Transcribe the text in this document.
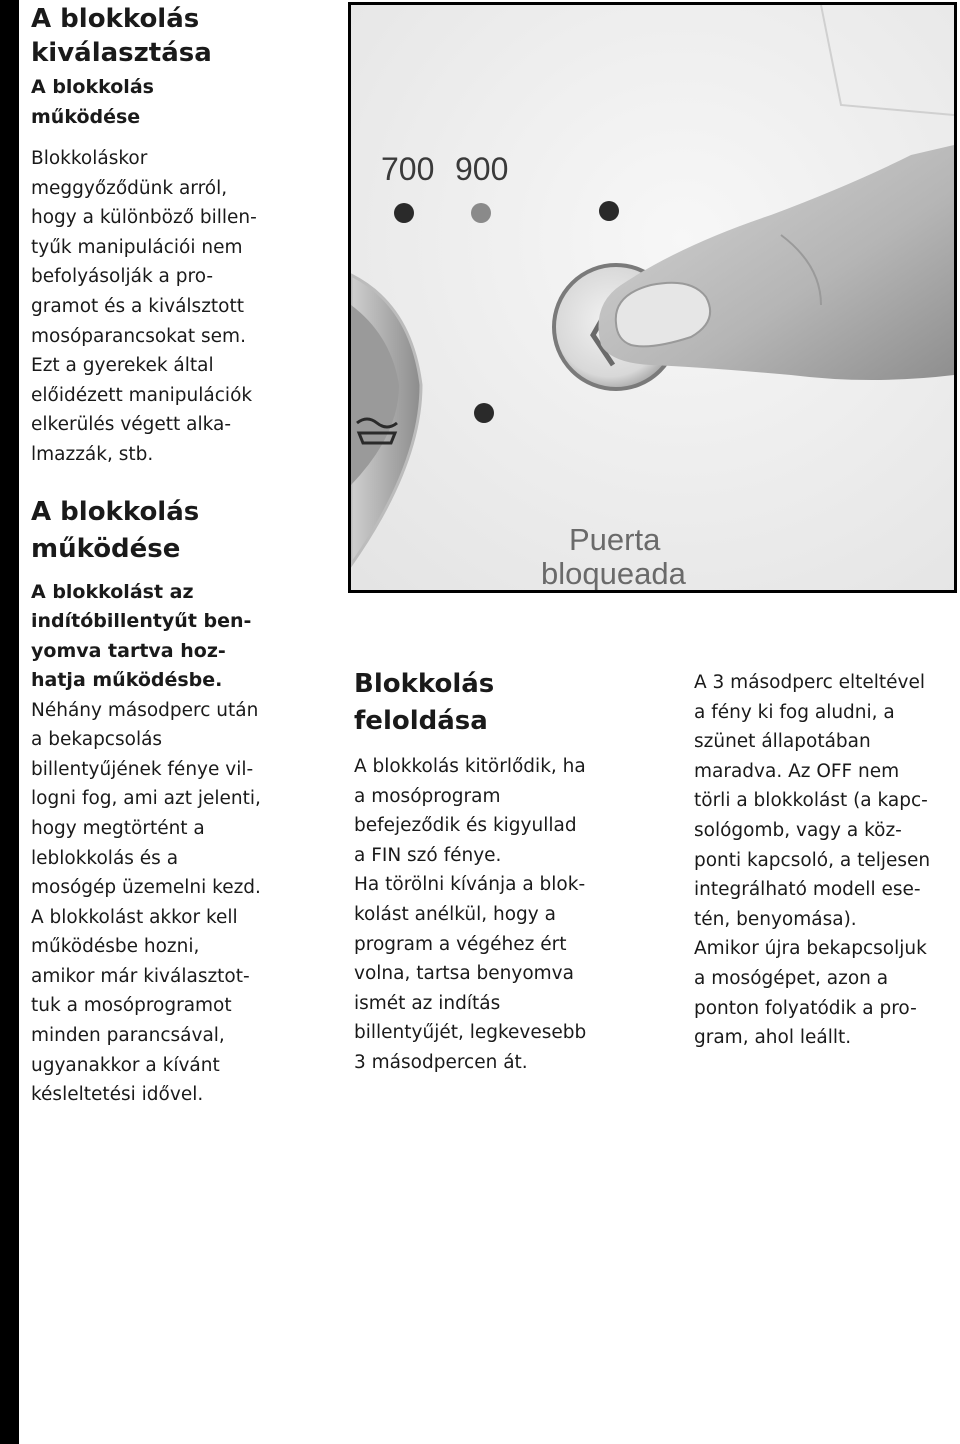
A blokkolás
kiválasztása
A blokkolás
működése
Blokkoláskor
meggyőződünk arról,
hogy a különböző billen-
tyűk manipulációi nem
befolyásolják a pro-
gramot és a kiválsztott
mosóparancsokat sem.
Ezt a gyerekek által
előidézett manipulációk
elkerülés végett alka-
lmazzák, stb.
A blokkolás
működése
A blokkolást az
indítóbillentyűt ben-
yomva tartva hoz-
hatja működésbe.
Néhány másodperc után
a bekapcsolás
billentyűjének fénye vil-
logni fog, ami azt jelenti,
hogy megtörtént a
leblokkolás és a
mosógép üzemelni kezd.
A blokkolást akkor kell
működésbe hozni,
amikor már kiválasztot-
tuk a mosóprogramot
minden parancsával,
ugyanakkor a kívánt
késleltetési idővel.
700 900
Puerta
bloqueada
Blokkolás
feloldása
A blokkolás kitörlődik, ha
a mosóprogram
befejeződik és kigyullad
a FIN szó fénye.
Ha törölni kívánja a blok-
kolást anélkül, hogy a
program a végéhez ért
volna, tartsa benyomva
ismét az indítás
billentyűjét, legkevesebb
3 másodpercen át.
A 3 másodperc elteltével
a fény ki fog aludni, a
szünet állapotában
maradva. Az OFF nem
törli a blokkolást (a kapc-
sológomb, vagy a köz-
ponti kapcsoló, a teljesen
integrálható modell ese-
tén, benyomása).
Amikor újra bekapcsoljuk
a mosógépet, azon a
ponton folyatódik a pro-
gram, ahol leállt.
